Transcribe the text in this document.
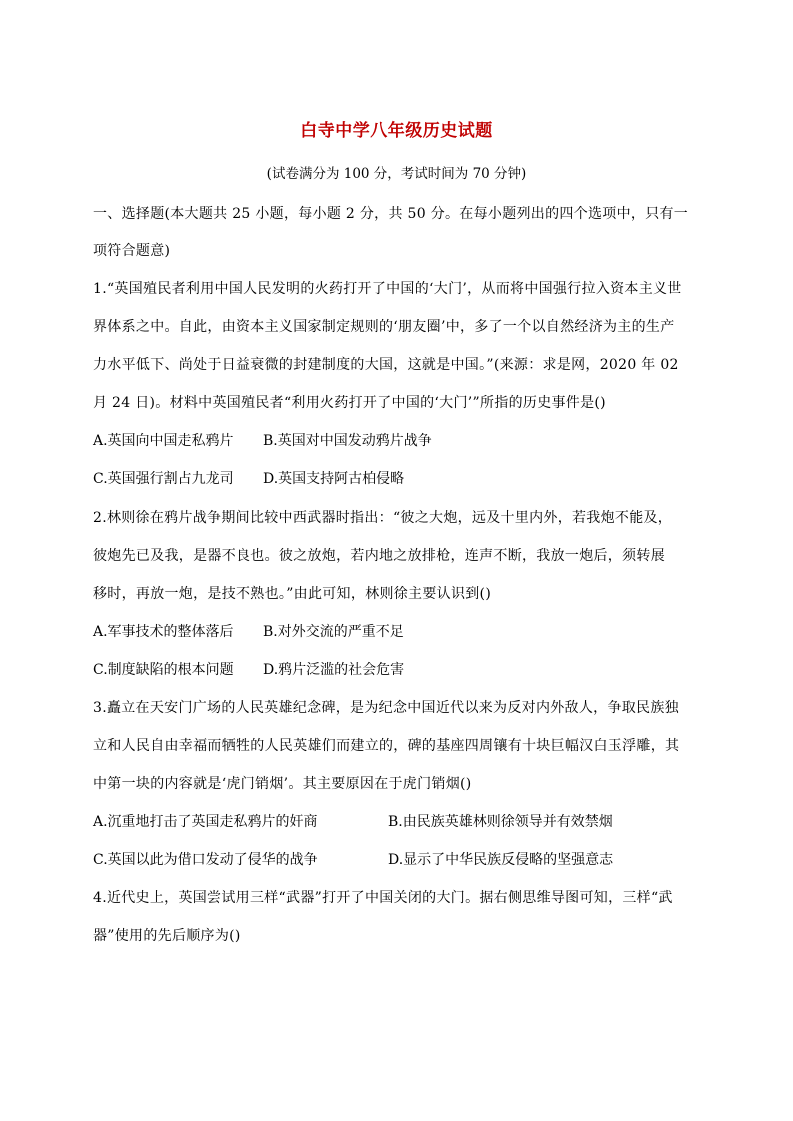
白寺中学八年级历史试题
(试卷满分为 100 分，考试时间为 70 分钟)
一、选择题(本大题共 25 小题，每小题 2 分，共 50 分。在每小题列出的四个选项中，只有一
项符合题意)
1.“英国殖民者利用中国人民发明的火药打开了中国的‘大门’，从而将中国强行拉入资本主义世
界体系之中。自此，由资本主义国家制定规则的‘朋友圈’中，多了一个以自然经济为主的生产
力水平低下、尚处于日益衰微的封建制度的大国，这就是中国。”(来源：求是网，2020 年 02
月 24 日)。材料中英国殖民者“利用火药打开了中国的‘大门’”所指的历史事件是()
A.英国向中国走私鸦片 B.英国对中国发动鸦片战争
C.英国强行割占九龙司 D.英国支持阿古柏侵略
2.林则徐在鸦片战争期间比较中西武器时指出：“彼之大炮，远及十里内外，若我炮不能及，
彼炮先已及我，是器不良也。彼之放炮，若内地之放排枪，连声不断，我放一炮后，须转展
移时，再放一炮，是技不熟也。”由此可知，林则徐主要认识到()
A.军事技术的整体落后 B.对外交流的严重不足
C.制度缺陷的根本问题 D.鸦片泛滥的社会危害
3.矗立在天安门广场的人民英雄纪念碑，是为纪念中国近代以来为反对内外敌人，争取民族独
立和人民自由幸福而牺牲的人民英雄们而建立的，碑的基座四周镶有十块巨幅汉白玉浮雕，其
中第一块的内容就是‘虎门销烟’。其主要原因在于虎门销烟()
A.沉重地打击了英国走私鸦片的奸商	B.由民族英雄林则徐领导并有效禁烟
C.英国以此为借口发动了侵华的战争	D.显示了中华民族反侵略的坚强意志
4.近代史上，英国尝试用三样“武器”打开了中国关闭的大门。据右侧思维导图可知，三样“武
器”使用的先后顺序为()
